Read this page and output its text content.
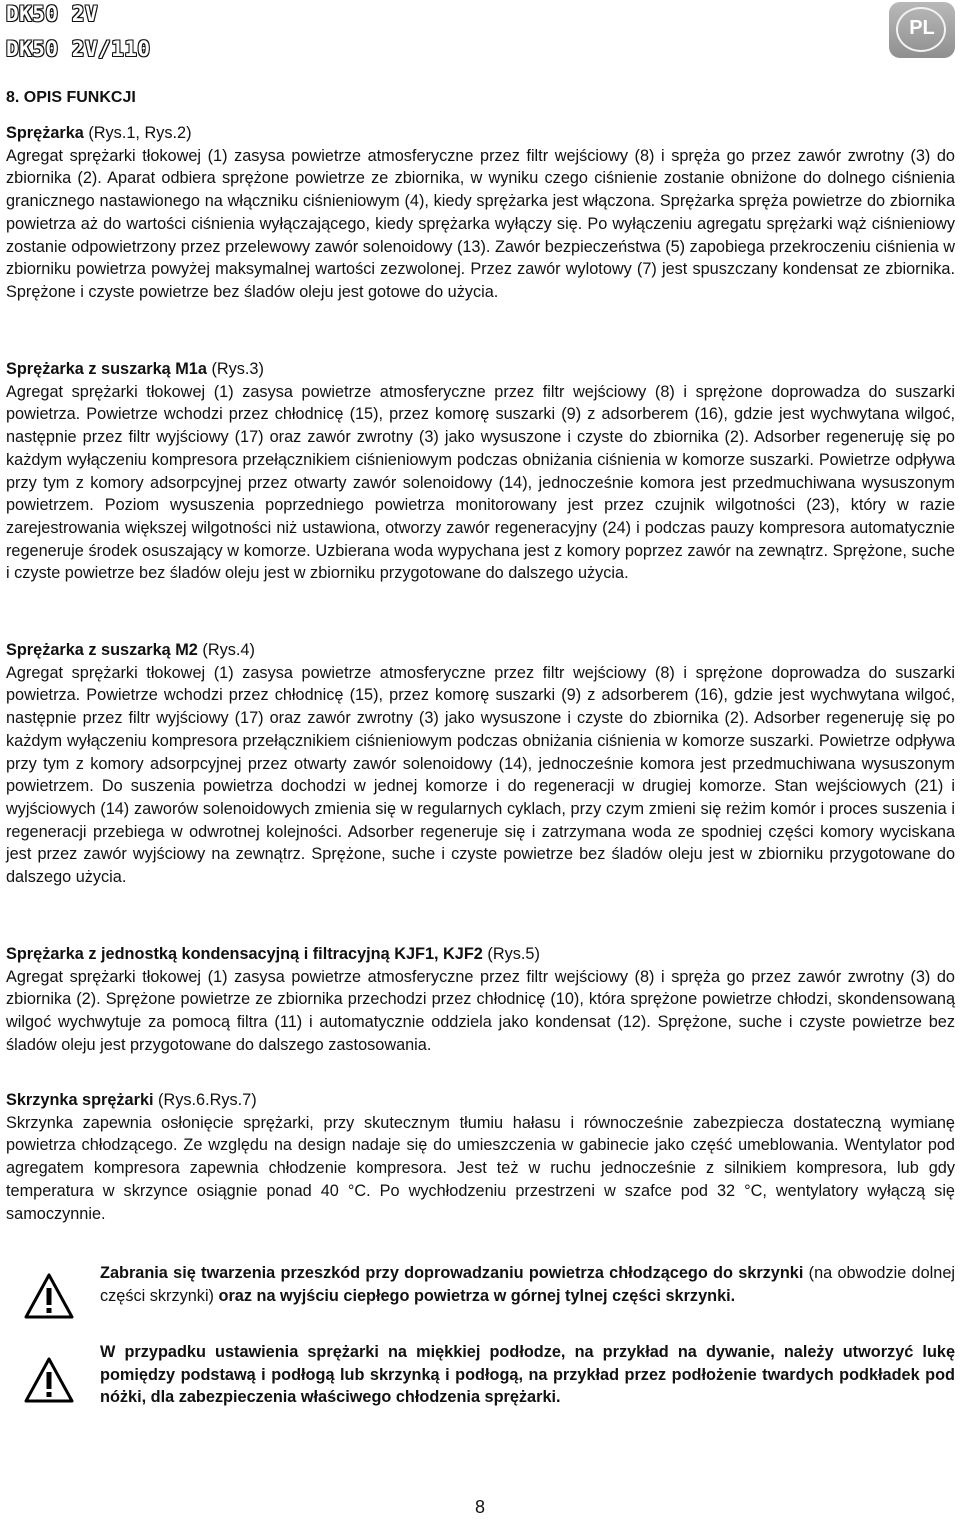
DK50 2V
DK50 2V/110
PL
8. OPIS FUNKCJI
Sprężarka (Rys.1, Rys.2)

Agregat sprężarki tłokowej (1) zasysa powietrze atmosferyczne przez filtr wejściowy (8) i spręża go przez zawór zwrotny (3) do zbiornika (2). Aparat odbiera sprężone powietrze ze zbiornika, w wyniku czego ciśnienie zostanie obniżone do dolnego ciśnienia granicznego nastawionego na włączniku ciśnieniowym (4), kiedy sprężarka jest włączona. Sprężarka spręża powietrze do zbiornika powietrza aż do wartości ciśnienia wyłączającego, kiedy sprężarka wyłączy się. Po wyłączeniu agregatu sprężarki wąż ciśnieniowy zostanie odpowietrzony przez przelewowy zawór solenoidowy (13). Zawór bezpieczeństwa (5) zapobiega przekroczeniu ciśnienia w zbiorniku powietrza powyżej maksymalnej wartości zezwolonej. Przez zawór wylotowy (7) jest spuszczany kondensat ze zbiornika. Sprężone i czyste powietrze bez śladów oleju jest gotowe do użycia.

Sprężarka z suszarką M1a (Rys.3)

Agregat sprężarki tłokowej (1) zasysa powietrze atmosferyczne przez filtr wejściowy (8) i sprężone doprowadza do suszarki powietrza. Powietrze wchodzi przez chłodnicę (15), przez komorę suszarki (9) z adsorberem (16), gdzie jest wychwytana wilgoć, następnie przez filtr wyjściowy (17) oraz zawór zwrotny (3) jako wysuszone i czyste do zbiornika (2). Adsorber regeneruję się po każdym wyłączeniu kompresora przełącznikiem ciśnieniowym podczas obniżania ciśnienia w komorze suszarki. Powietrze odpływa przy tym z komory adsorpcyjnej przez otwarty zawór solenoidowy (14), jednocześnie komora jest przedmuchiwana wysuszonym powietrzem. Poziom wysuszenia poprzedniego powietrza monitorowany jest przez czujnik wilgotności (23), który w razie zarejestrowania większej wilgotności niż ustawiona, otworzy zawór regeneracyjny (24) i podczas pauzy kompresora automatycznie regeneruje środek osuszający w komorze. Uzbierana woda wypychana jest z komory poprzez zawór na zewnątrz. Sprężone, suche i czyste powietrze bez śladów oleju jest w zbiorniku przygotowane do dalszego użycia.

Sprężarka z suszarką M2 (Rys.4)

Agregat sprężarki tłokowej (1) zasysa powietrze atmosferyczne przez filtr wejściowy (8) i sprężone doprowadza do suszarki powietrza. Powietrze wchodzi przez chłodnicę (15), przez komorę suszarki (9) z adsorberem (16), gdzie jest wychwytana wilgoć, następnie przez filtr wyjściowy (17) oraz zawór zwrotny (3) jako wysuszone i czyste do zbiornika (2). Adsorber regeneruję się po każdym wyłączeniu kompresora przełącznikiem ciśnieniowym podczas obniżania ciśnienia w komorze suszarki. Powietrze odpływa przy tym z komory adsorpcyjnej przez otwarty zawór solenoidowy (14), jednocześnie komora jest przedmuchiwana wysuszonym powietrzem. Do suszenia powietrza dochodzi w jednej komorze i do regeneracji w drugiej komorze. Stan wejściowych (21) i wyjściowych (14) zaworów solenoidowych zmienia się w regularnych cyklach, przy czym zmieni się reżim komór i proces suszenia i regeneracji przebiega w odwrotnej kolejności. Adsorber regeneruje się i zatrzymana woda ze spodniej części komory wyciskana jest przez zawór wyjściowy na zewnątrz. Sprężone, suche i czyste powietrze bez śladów oleju jest w zbiorniku przygotowane do dalszego użycia.

Sprężarka z jednostką kondensacyjną i filtracyjną KJF1, KJF2 (Rys.5)

Agregat sprężarki tłokowej (1) zasysa powietrze atmosferyczne przez filtr wejściowy (8) i spręża go przez zawór zwrotny (3) do zbiornika (2). Sprężone powietrze ze zbiornika przechodzi przez chłodnicę (10), która sprężone powietrze chłodzi, skondensowaną wilgoć wychwytuje za pomocą filtra (11) i automatycznie oddziela jako kondensat (12). Sprężone, suche i czyste powietrze bez śladów oleju jest przygotowane do dalszego zastosowania.

Skrzynka sprężarki (Rys.6.Rys.7)

Skrzynka zapewnia osłonięcie sprężarki, przy skutecznym tłumiu hałasu i równocześnie zabezpiecza dostateczną wymianę powietrza chłodzącego. Ze względu na design nadaje się do umieszczenia w gabinecie jako część umeblowania. Wentylator pod agregatem kompresora zapewnia chłodzenie kompresora. Jest też w ruchu jednocześnie z silnikiem kompresora, lub gdy temperatura w skrzynce osiągnie ponad 40 °C. Po wychłodzeniu przestrzeni w szafce pod 32 °C, wentylatory wyłączą się samoczynnie.

Zabrania się twarzenia przeszkód przy doprowadzaniu powietrza chłodzącego do skrzynki (na obwodzie dolnej części skrzynki) oraz na wyjściu ciepłego powietrza w górnej tylnej części skrzynki.

W przypadku ustawienia sprężarki na miękkiej podłodze, na przykład na dywanie, należy utworzyć lukę pomiędzy podstawą i podłogą lub skrzynką i podłogą, na przykład przez podłożenie twardych podkładek pod nóżki, dla zabezpieczenia właściwego chłodzenia sprężarki.

8
